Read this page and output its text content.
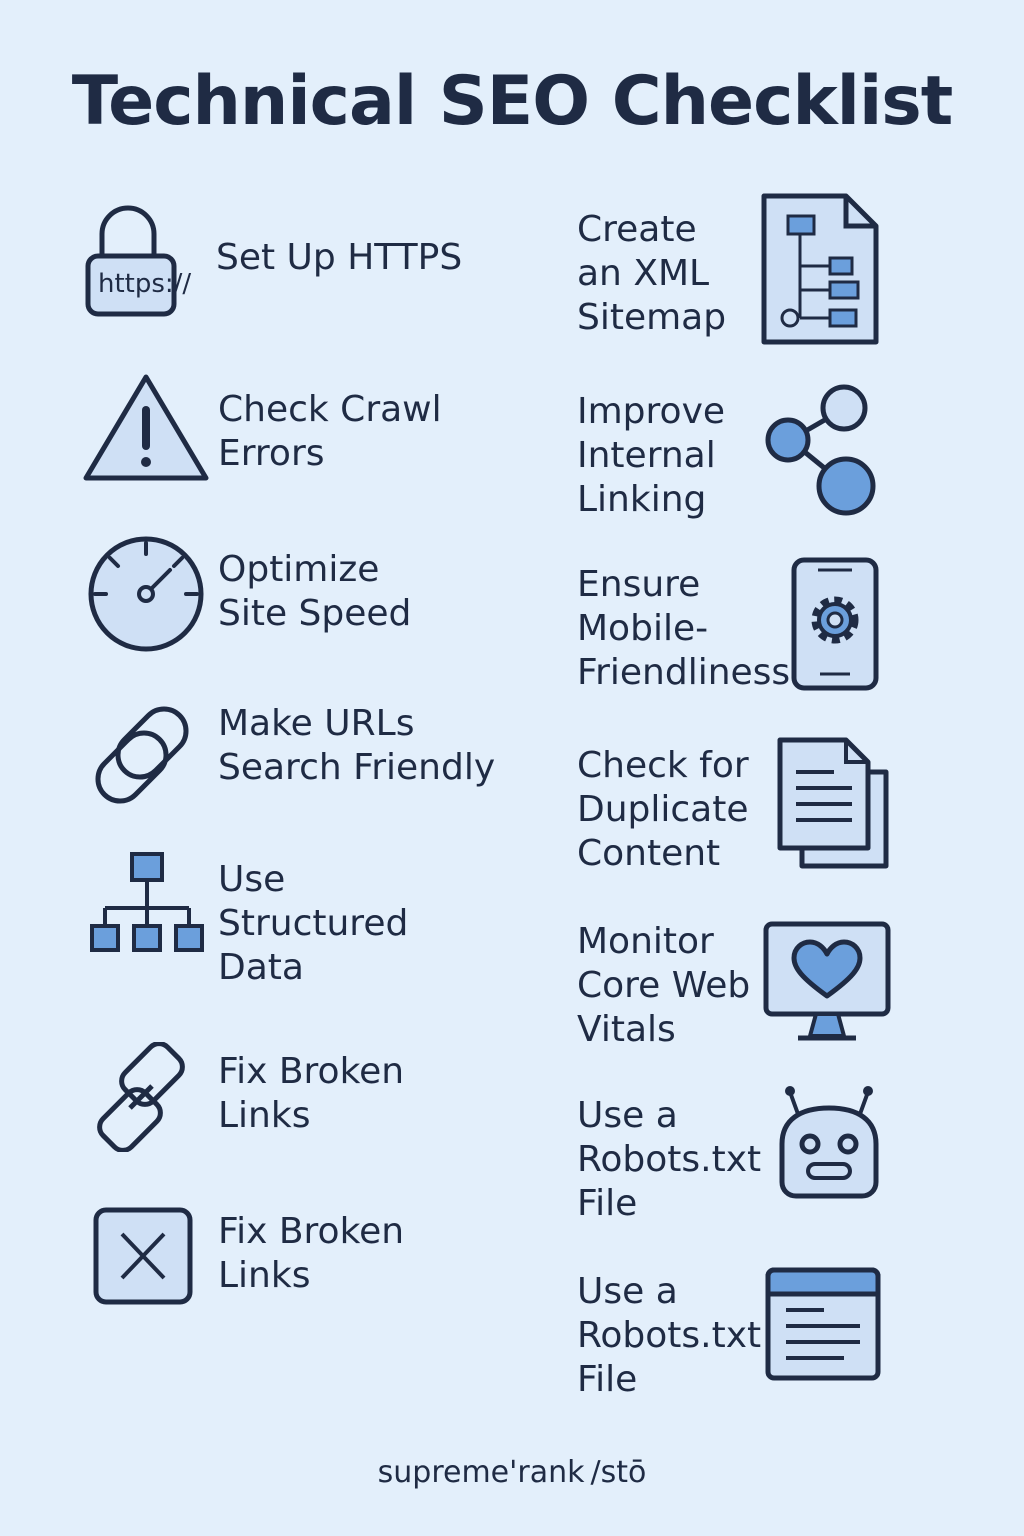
Technical SEO Checklist
https://
Set Up HTTPS
Check Crawl
Errors
Optimize
Site Speed
Make URLs
Search Friendly
Use
Structured
Data
Fix Broken
Links
Fix Broken
Links
Create
an XML
Sitemap
Improve
Internal
Linking
Ensure
Mobile-
Friendliness
Check for
Duplicate
Content
Monitor
Core Web
Vitals
Use a
Robots.txt
File
Use a
Robots.txt
File
supreme'rank ∕stō
